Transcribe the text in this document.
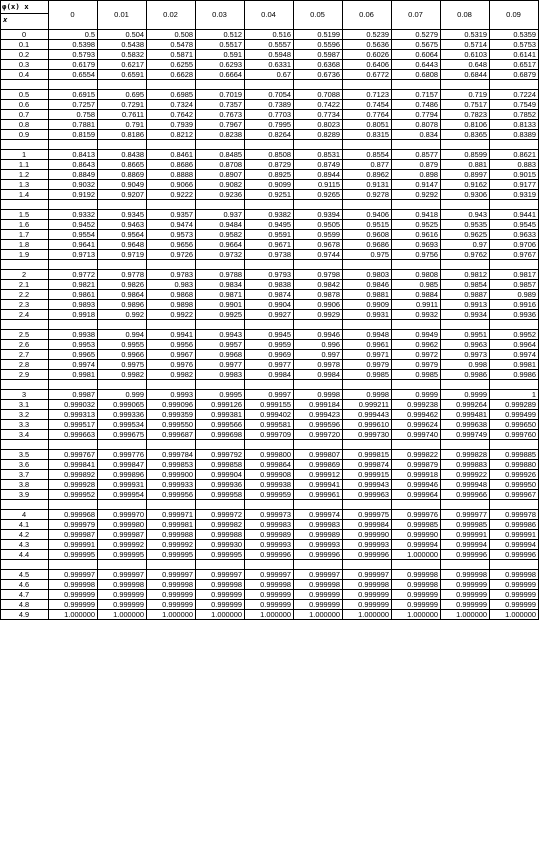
φ(x) x
x	0	0.01	0.02	0.03	0.04	0.05	0.06	0.07	0.08	0.09
0	0.5	0.504	0.508	0.512	0.516	0.5199	0.5239	0.5279	0.5319	0.5359
0.1	0.5398	0.5438	0.5478	0.5517	0.5557	0.5596	0.5636	0.5675	0.5714	0.5753
0.2	0.5793	0.5832	0.5871	0.591	0.5948	0.5987	0.6026	0.6064	0.6103	0.6141
0.3	0.6179	0.6217	0.6255	0.6293	0.6331	0.6368	0.6406	0.6443	0.648	0.6517
0.4	0.6554	0.6591	0.6628	0.6664	0.67	0.6736	0.6772	0.6808	0.6844	0.6879

0.5	0.6915	0.695	0.6985	0.7019	0.7054	0.7088	0.7123	0.7157	0.719	0.7224
0.6	0.7257	0.7291	0.7324	0.7357	0.7389	0.7422	0.7454	0.7486	0.7517	0.7549
0.7	0.758	0.7611	0.7642	0.7673	0.7703	0.7734	0.7764	0.7794	0.7823	0.7852
0.8	0.7881	0.791	0.7939	0.7967	0.7995	0.8023	0.8051	0.8078	0.8106	0.8133
0.9	0.8159	0.8186	0.8212	0.8238	0.8264	0.8289	0.8315	0.834	0.8365	0.8389

1	0.8413	0.8438	0.8461	0.8485	0.8508	0.8531	0.8554	0.8577	0.8599	0.8621
1.1	0.8643	0.8665	0.8686	0.8708	0.8729	0.8749	0.877	0.879	0.881	0.883
1.2	0.8849	0.8869	0.8888	0.8907	0.8925	0.8944	0.8962	0.898	0.8997	0.9015
1.3	0.9032	0.9049	0.9066	0.9082	0.9099	0.9115	0.9131	0.9147	0.9162	0.9177
1.4	0.9192	0.9207	0.9222	0.9236	0.9251	0.9265	0.9278	0.9292	0.9306	0.9319

1.5	0.9332	0.9345	0.9357	0.937	0.9382	0.9394	0.9406	0.9418	0.943	0.9441
1.6	0.9452	0.9463	0.9474	0.9484	0.9495	0.9505	0.9515	0.9525	0.9535	0.9545
1.7	0.9554	0.9564	0.9573	0.9582	0.9591	0.9599	0.9608	0.9616	0.9625	0.9633
1.8	0.9641	0.9648	0.9656	0.9664	0.9671	0.9678	0.9686	0.9693	0.97	0.9706
1.9	0.9713	0.9719	0.9726	0.9732	0.9738	0.9744	0.975	0.9756	0.9762	0.9767

2	0.9772	0.9778	0.9783	0.9788	0.9793	0.9798	0.9803	0.9808	0.9812	0.9817
2.1	0.9821	0.9826	0.983	0.9834	0.9838	0.9842	0.9846	0.985	0.9854	0.9857
2.2	0.9861	0.9864	0.9868	0.9871	0.9874	0.9878	0.9881	0.9884	0.9887	0.989
2.3	0.9893	0.9896	0.9898	0.9901	0.9904	0.9906	0.9909	0.9911	0.9913	0.9916
2.4	0.9918	0.992	0.9922	0.9925	0.9927	0.9929	0.9931	0.9932	0.9934	0.9936

2.5	0.9938	0.994	0.9941	0.9943	0.9945	0.9946	0.9948	0.9949	0.9951	0.9952
2.6	0.9953	0.9955	0.9956	0.9957	0.9959	0.996	0.9961	0.9962	0.9963	0.9964
2.7	0.9965	0.9966	0.9967	0.9968	0.9969	0.997	0.9971	0.9972	0.9973	0.9974
2.8	0.9974	0.9975	0.9976	0.9977	0.9977	0.9978	0.9979	0.9979	0.998	0.9981
2.9	0.9981	0.9982	0.9982	0.9983	0.9984	0.9984	0.9985	0.9985	0.9986	0.9986

3	0.9987	0.999	0.9993	0.9995	0.9997	0.9998	0.9998	0.9999	0.9999	1
3.1	0.999032	0.999065	0.999096	0.999126	0.999155	0.999184	0.999211	0.999238	0.999264	0.999289
3.2	0.999313	0.999336	0.999359	0.999381	0.999402	0.999423	0.999443	0.999462	0.999481	0.999499
3.3	0.999517	0.999534	0.999550	0.999566	0.999581	0.999596	0.999610	0.999624	0.999638	0.999650
3.4	0.999663	0.999675	0.999687	0.999698	0.999709	0.999720	0.999730	0.999740	0.999749	0.999760

3.5	0.999767	0.999776	0.999784	0.999792	0.999800	0.999807	0.999815	0.999822	0.999828	0.999885
3.6	0.999841	0.999847	0.999853	0.999858	0.999864	0.999869	0.999874	0.999879	0.999883	0.999880
3.7	0.999892	0.999896	0.999900	0.999904	0.999908	0.999912	0.999915	0.999918	0.999922	0.999926
3.8	0.999928	0.999931	0.999933	0.999936	0.999938	0.999941	0.999943	0.999946	0.999948	0.999950
3.9	0.999952	0.999954	0.999956	0.999958	0.999959	0.999961	0.999963	0.999964	0.999966	0.999967

4	0.999968	0.999970	0.999971	0.999972	0.999973	0.999974	0.999975	0.999976	0.999977	0.999978
4.1	0.999979	0.999980	0.999981	0.999982	0.999983	0.999983	0.999984	0.999985	0.999985	0.999986
4.2	0.999987	0.999987	0.999988	0.999988	0.999989	0.999989	0.999990	0.999990	0.999991	0.999991
4.3	0.999991	0.999992	0.999992	0.999930	0.999993	0.999993	0.999993	0.999994	0.999994	0.999994
4.4	0.999995	0.999995	0.999995	0.999995	0.999996	0.999996	0.999996	1.000000	0.999996	0.999996

4.5	0.999997	0.999997	0.999997	0.999997	0.999997	0.999997	0.999997	0.999998	0.999998	0.999998
4.6	0.999998	0.999998	0.999998	0.999998	0.999998	0.999998	0.999998	0.999998	0.999999	0.999999
4.7	0.999999	0.999999	0.999999	0.999999	0.999999	0.999999	0.999999	0.999999	0.999999	0.999999
4.8	0.999999	0.999999	0.999999	0.999999	0.999999	0.999999	0.999999	0.999999	0.999999	0.999999
4.9	1.000000	1.000000	1.000000	1.000000	1.000000	1.000000	1.000000	1.000000	1.000000	1.000000
